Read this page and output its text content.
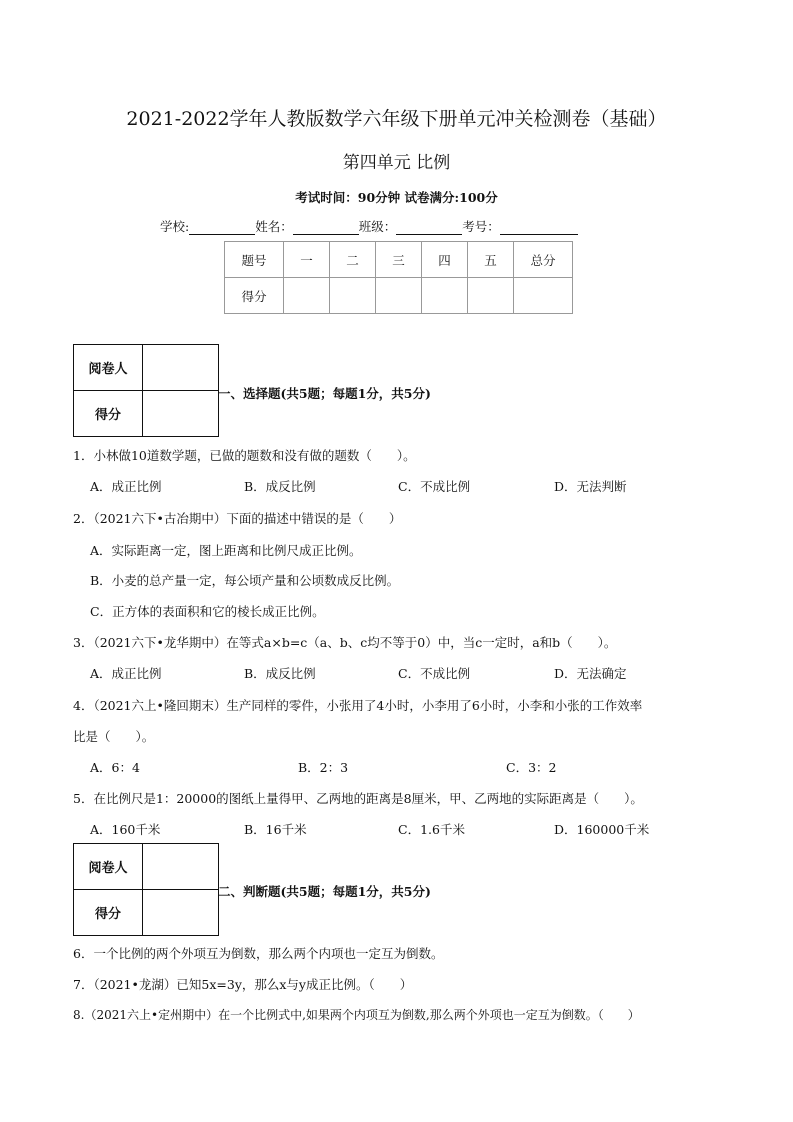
2021-2022学年人教版数学六年级下册单元冲关检测卷（基础）
第四单元 比例
考试时间：90分钟 试卷满分:100分
学校:	姓名：	班级：	考号：
题号	一	二	三	四	五	总分
得分						
阅卷人	
得分	
一、选择题(共5题；每题1分，共5分)
1．小林做10道数学题，已做的题数和没有做的题数（　　）。
A．成正比例	B．成反比例	C．不成比例	D．无法判断
2．（2021六下•古冶期中）下面的描述中错误的是（　　）
A．实际距离一定，图上距离和比例尺成正比例。
B．小麦的总产量一定，每公顷产量和公顷数成反比例。
C．正方体的表面积和它的棱长成正比例。
3．（2021六下•龙华期中）在等式a×b=c（a、b、c均不等于0）中，当c一定时，a和b（　　）。
A．成正比例	B．成反比例	C．不成比例	D．无法确定
4．（2021六上•隆回期末）生产同样的零件，小张用了4小时，小李用了6小时，小李和小张的工作效率
比是（　　）。
A．6：4	B．2：3	C．3：2
5．在比例尺是1：20000的图纸上量得甲、乙两地的距离是8厘米，甲、乙两地的实际距离是（　　）。
A．160千米	B．16千米	C．1.6千米	D．160000千米
阅卷人	
得分	
二、判断题(共5题；每题1分，共5分)
6．一个比例的两个外项互为倒数，那么两个内项也一定互为倒数。
7．（2021•龙湖）已知5x=3y，那么x与y成正比例。（　　）
8.（2021六上•定州期中）在一个比例式中,如果两个内项互为倒数,那么两个外项也一定互为倒数。（　　）
